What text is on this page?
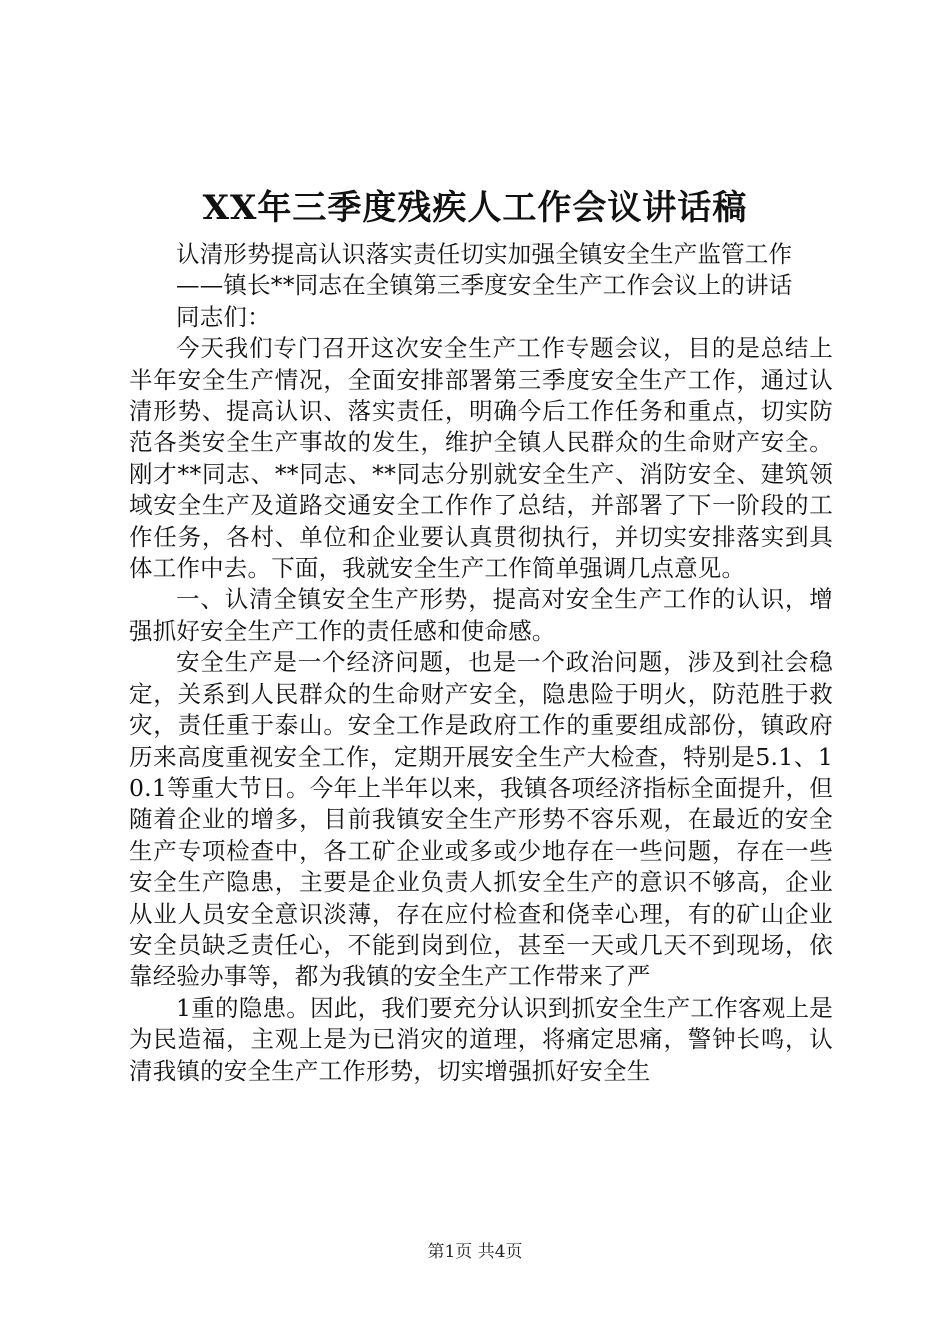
XX年三季度残疾人工作会议讲话稿

认清形势提高认识落实责任切实加强全镇安全生产监管工作

——镇长**同志在全镇第三季度安全生产工作会议上的讲话

同志们：

今天我们专门召开这次安全生产工作专题会议，目的是总结上半年安全生产情况，全面安排部署第三季度安全生产工作，通过认清形势、提高认识、落实责任，明确今后工作任务和重点，切实防范各类安全生产事故的发生，维护全镇人民群众的生命财产安全。刚才**同志、**同志、**同志分别就安全生产、消防安全、建筑领域安全生产及道路交通安全工作作了总结，并部署了下一阶段的工作任务，各村、单位和企业要认真贯彻执行，并切实安排落实到具体工作中去。下面，我就安全生产工作简单强调几点意见。

一、认清全镇安全生产形势，提高对安全生产工作的认识，增强抓好安全生产工作的责任感和使命感。

安全生产是一个经济问题，也是一个政治问题，涉及到社会稳定，关系到人民群众的生命财产安全，隐患险于明火，防范胜于救灾，责任重于泰山。安全工作是政府工作的重要组成部份，镇政府历来高度重视安全工作，定期开展安全生产大检查，特别是5.1、10.1等重大节日。今年上半年以来，我镇各项经济指标全面提升，但随着企业的增多，目前我镇安全生产形势不容乐观，在最近的安全生产专项检查中，各工矿企业或多或少地存在一些问题，存在一些安全生产隐患，主要是企业负责人抓安全生产的意识不够高，企业从业人员安全意识淡薄，存在应付检查和侥幸心理，有的矿山企业安全员缺乏责任心，不能到岗到位，甚至一天或几天不到现场，依靠经验办事等，都为我镇的安全生产工作带来了严

1重的隐患。因此，我们要充分认识到抓安全生产工作客观上是为民造福，主观上是为已消灾的道理，将痛定思痛，警钟长鸣，认清我镇的安全生产工作形势，切实增强抓好安全生

第1页 共4页
